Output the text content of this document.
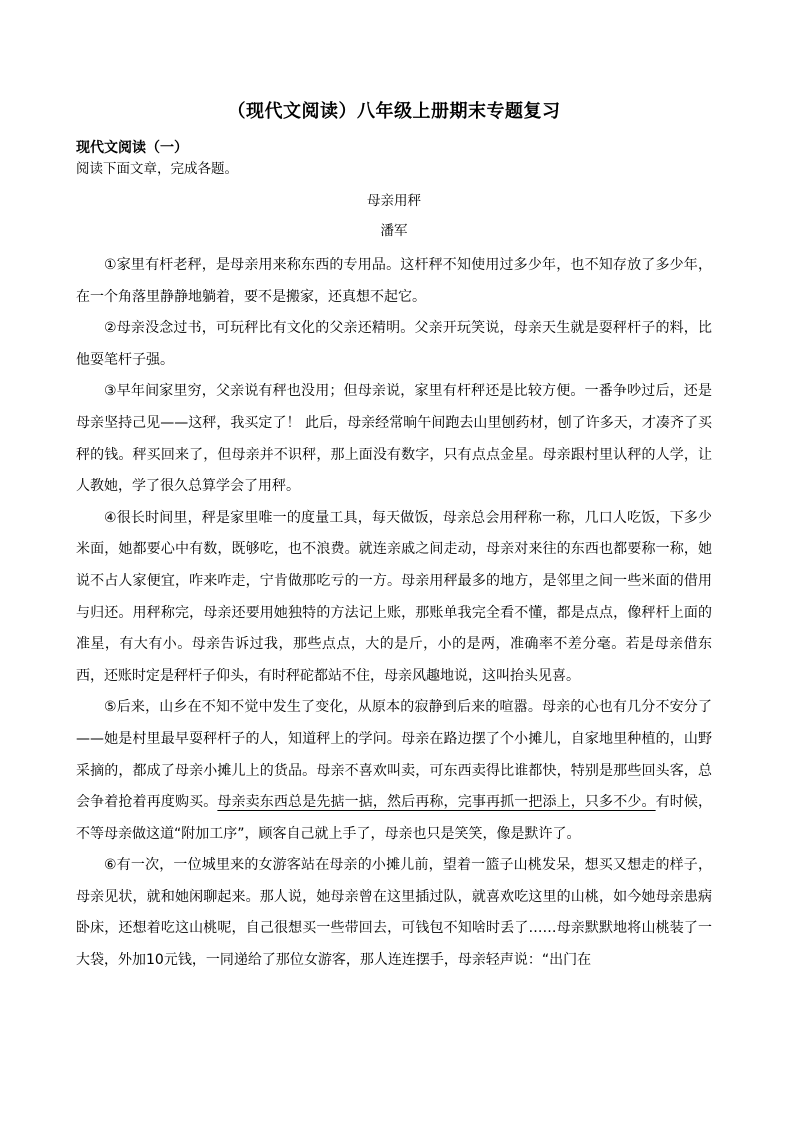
（现代文阅读）八年级上册期末专题复习

现代文阅读（一）

阅读下面文章，完成各题。

母亲用秤

潘军

①家里有杆老秤，是母亲用来称东西的专用品。这杆秤不知使用过多少年，也不知存放了多少年，在一个角落里静静地躺着，要不是搬家，还真想不起它。

②母亲没念过书，可玩秤比有文化的父亲还精明。父亲开玩笑说，母亲天生就是耍秤杆子的料，比他耍笔杆子强。

③早年间家里穷，父亲说有秤也没用；但母亲说，家里有杆秤还是比较方便。一番争吵过后，还是母亲坚持己见——这秤，我买定了！ 此后，母亲经常晌午间跑去山里刨药材，刨了许多天，才凑齐了买秤的钱。秤买回来了，但母亲并不识秤，那上面没有数字，只有点点金星。母亲跟村里认秤的人学，让人教她，学了很久总算学会了用秤。

④很长时间里，秤是家里唯一的度量工具，每天做饭，母亲总会用秤称一称，几口人吃饭，下多少米面，她都要心中有数，既够吃，也不浪费。就连亲戚之间走动，母亲对来往的东西也都要称一称，她说不占人家便宜，咋来咋走，宁肯做那吃亏的一方。母亲用秤最多的地方，是邻里之间一些米面的借用与归还。用秤称完，母亲还要用她独特的方法记上账，那账单我完全看不懂，都是点点，像秤杆上面的准星，有大有小。母亲告诉过我，那些点点，大的是斤，小的是两，准确率不差分毫。若是母亲借东西，还账时定是秤杆子仰头，有时秤砣都站不住，母亲风趣地说，这叫抬头见喜。

⑤后来，山乡在不知不觉中发生了变化，从原本的寂静到后来的喧嚣。母亲的心也有几分不安分了——她是村里最早耍秤杆子的人，知道秤上的学问。母亲在路边摆了个小摊儿，自家地里种植的，山野采摘的，都成了母亲小摊儿上的货品。母亲不喜欢叫卖，可东西卖得比谁都快，特别是那些回头客，总会争着抢着再度购买。母亲卖东西总是先掂一掂，然后再称，完事再抓一把添上，只多不少。有时候，不等母亲做这道“附加工序”，顾客自己就上手了，母亲也只是笑笑，像是默许了。

⑥有一次，一位城里来的女游客站在母亲的小摊儿前，望着一篮子山桃发呆，想买又想走的样子，母亲见状，就和她闲聊起来。那人说，她母亲曾在这里插过队，就喜欢吃这里的山桃，如今她母亲患病卧床，还想着吃这山桃呢，自己很想买一些带回去，可钱包不知啥时丢了……母亲默默地将山桃装了一大袋，外加10元钱，一同递给了那位女游客，那人连连摆手，母亲轻声说：“出门在
